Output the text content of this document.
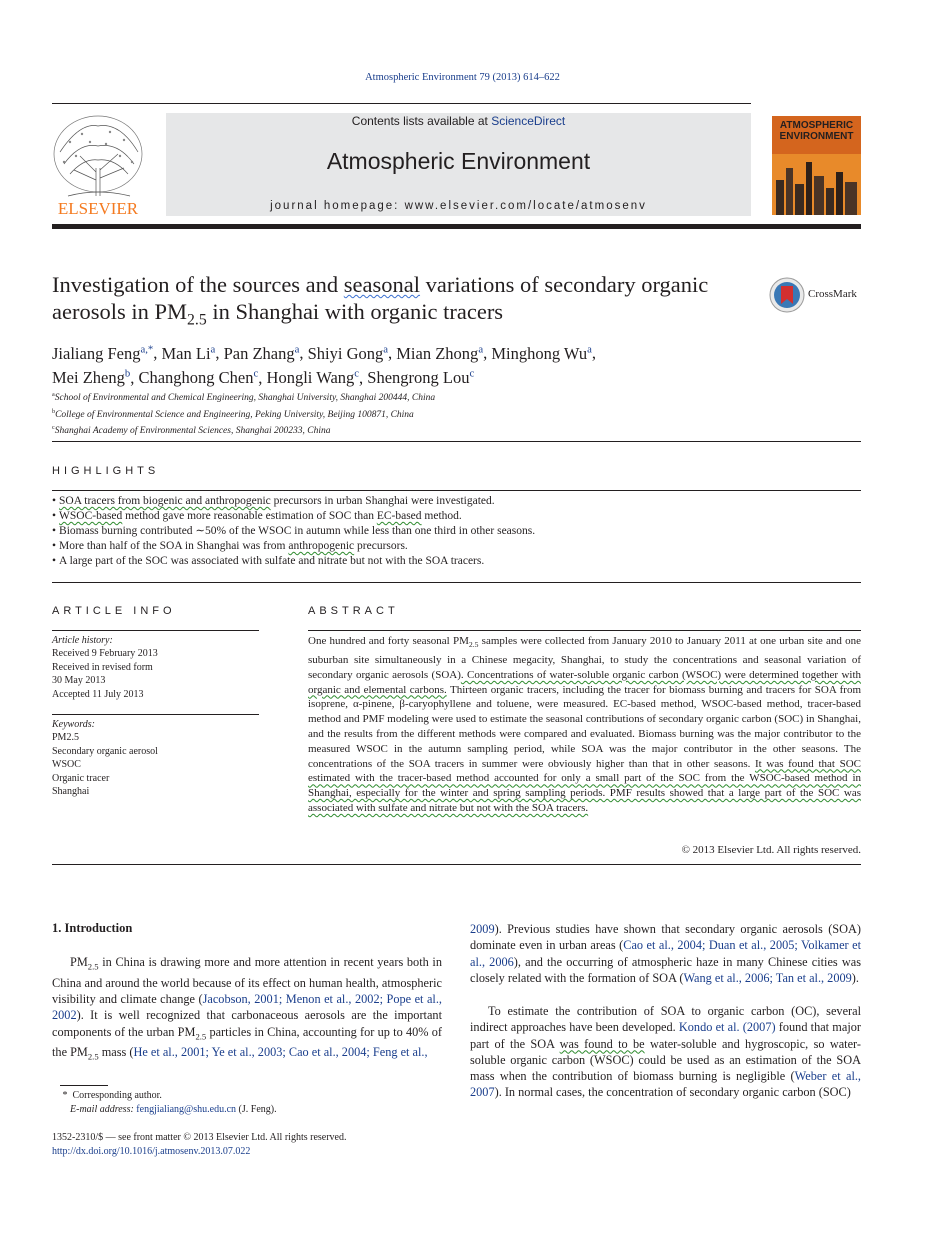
Atmospheric Environment 79 (2013) 614–622
ELSEVIER
Contents lists available at ScienceDirect
Atmospheric Environment
journal homepage: www.elsevier.com/locate/atmosenv
ATMOSPHERIC ENVIRONMENT
Investigation of the sources and seasonal variations of secondary organic aerosols in $PM_{2.5}$ in Shanghai with organic tracers
CrossMark
Jialiang Feng$^{a,*}$, Man Li$^a$, Pan Zhang$^a$, Shiyi Gong$^a$, Mian Zhong$^a$, Minghong Wu$^a$,
Mei Zheng$^b$, Changhong Chen$^c$, Hongli Wang$^c$, Shengrong Lou$^c$
$^a$School of Environmental and Chemical Engineering, Shanghai University, Shanghai 200444, China
$^b$College of Environmental Science and Engineering, Peking University, Beijing 100871, China
$^c$Shanghai Academy of Environmental Sciences, Shanghai 200233, China
HIGHLIGHTS
• SOA tracers from biogenic and anthropogenic precursors in urban Shanghai were investigated.
• WSOC-based method gave more reasonable estimation of SOC than EC-based method.
• Biomass burning contributed ∼50% of the WSOC in autumn while less than one third in other seasons.
• More than half of the SOA in Shanghai was from anthropogenic precursors.
• A large part of the SOC was associated with sulfate and nitrate but not with the SOA tracers.
ARTICLE INFO
Article history:
Received 9 February 2013
Received in revised form
30 May 2013
Accepted 11 July 2013
Keywords:
PM2.5
Secondary organic aerosol
WSOC
Organic tracer
Shanghai
ABSTRACT

One hundred and forty seasonal $PM_{2.5}$ samples were collected from January 2010 to January 2011 at one urban site and one suburban site simultaneously in a Chinese megacity, Shanghai, to study the concentrations and seasonal variation of secondary organic aerosols (SOA). Concentrations of water-soluble organic carbon (WSOC) were determined together with organic and elemental carbons. Thirteen organic tracers, including the tracer for biomass burning and tracers for SOA from isoprene, α-pinene, β-caryophyllene and toluene, were measured. EC-based method, WSOC-based method, tracer-based method and PMF modeling were used to estimate the seasonal contributions of secondary organic carbon (SOC) in Shanghai, and the results from the different methods were compared and evaluated. Biomass burning was the major contributor to the measured WSOC in the autumn sampling period, while SOA was the major contributor in the other seasons. The concentrations of the SOA tracers in summer were obviously higher than that in other seasons. It was found that SOC estimated with the tracer-based method accounted for only a small part of the SOC from the WSOC-based method in Shanghai, especially for the winter and spring sampling periods. PMF results showed that a large part of the SOC was associated with sulfate and nitrate but not with the SOA tracers.

© 2013 Elsevier Ltd. All rights reserved.
1. Introduction

$PM_{2.5}$ in China is drawing more and more attention in recent years both in China and around the world because of its effect on human health, atmospheric visibility and climate change (Jacobson, 2001; Menon et al., 2002; Pope et al., 2002). It is well recognized that carbonaceous aerosols are the important components of the urban $PM_{2.5}$ particles in China, accounting for up to 40% of the $PM_{2.5}$ mass (He et al., 2001; Ye et al., 2003; Cao et al., 2004; Feng et al.,

2009). Previous studies have shown that secondary organic aerosols (SOA) dominate even in urban areas (Cao et al., 2004; Duan et al., 2005; Volkamer et al., 2006), and the occurring of atmospheric haze in many Chinese cities was closely related with the formation of SOA (Wang et al., 2006; Tan et al., 2009).

To estimate the contribution of SOA to organic carbon (OC), several indirect approaches have been developed. Kondo et al. (2007) found that major part of the SOA was found to be water-soluble and hygroscopic, so water-soluble organic carbon (WSOC) could be used as an estimation of the SOA mass when the contribution of biomass burning is negligible (Weber et al., 2007). In normal cases, the concentration of secondary organic carbon (SOC)

*  Corresponding author.
E-mail address: fengjialiang@shu.edu.cn (J. Feng).
1352-2310/$ — see front matter © 2013 Elsevier Ltd. All rights reserved.
http://dx.doi.org/10.1016/j.atmosenv.2013.07.022
